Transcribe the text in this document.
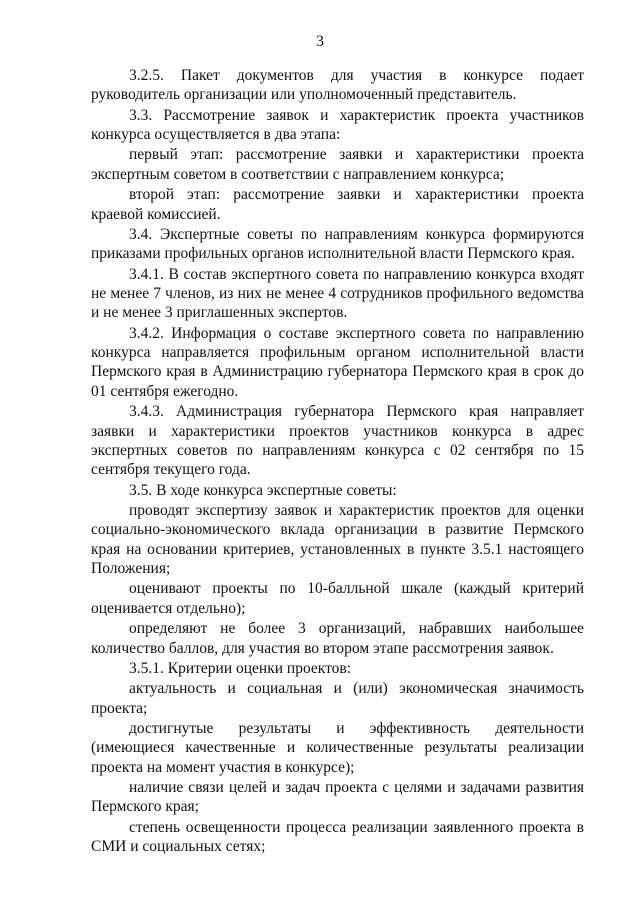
3

3.2.5. Пакет документов для участия в конкурсе подает руководитель организации или уполномоченный представитель.

3.3. Рассмотрение заявок и характеристик проекта участников конкурса осуществляется в два этапа:

первый этап: рассмотрение заявки и характеристики проекта экспертным советом в соответствии с направлением конкурса;

второй этап: рассмотрение заявки и характеристики проекта краевой комиссией.

3.4. Экспертные советы по направлениям конкурса формируются приказами профильных органов исполнительной власти Пермского края.

3.4.1. В состав экспертного совета по направлению конкурса входят не менее 7 членов, из них не менее 4 сотрудников профильного ведомства и не менее 3 приглашенных экспертов.

3.4.2. Информация о составе экспертного совета по направлению конкурса направляется профильным органом исполнительной власти Пермского края в Администрацию губернатора Пермского края в срок до 01 сентября ежегодно.

3.4.3. Администрация губернатора Пермского края направляет заявки и характеристики проектов участников конкурса в адрес экспертных советов по направлениям конкурса с 02 сентября по 15 сентября текущего года.

3.5. В ходе конкурса экспертные советы:

проводят экспертизу заявок и характеристик проектов для оценки социально-экономического вклада организации в развитие Пермского края на основании критериев, установленных в пункте 3.5.1 настоящего Положения;

оценивают проекты по 10-балльной шкале (каждый критерий оценивается отдельно);

определяют не более 3 организаций, набравших наибольшее количество баллов, для участия во втором этапе рассмотрения заявок.

3.5.1. Критерии оценки проектов:

актуальность и социальная и (или) экономическая значимость проекта;

достигнутые результаты и эффективность деятельности (имеющиеся качественные и количественные результаты реализации проекта на момент участия в конкурсе);

наличие связи целей и задач проекта с целями и задачами развития Пермского края;

степень освещенности процесса реализации заявленного проекта в СМИ и социальных сетях;
